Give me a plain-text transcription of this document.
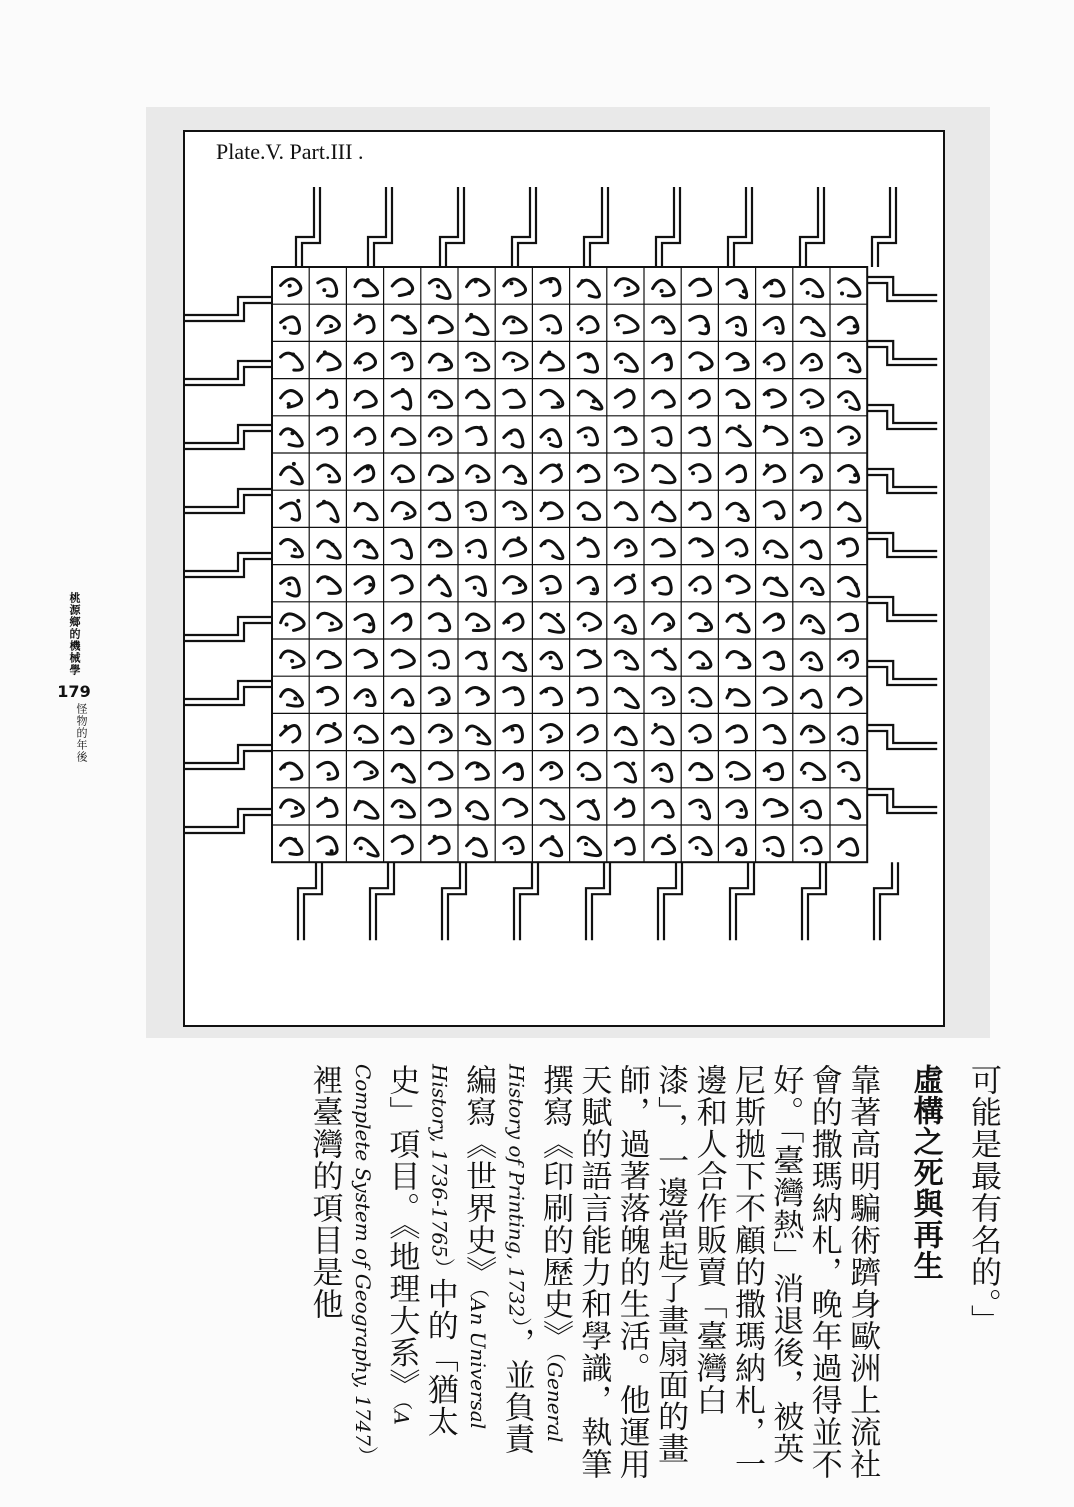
桃源鄉的機械學
179
怪物的年後
Plate.V. Part.III .

可能是最有名的。」

虛構之死與再生

靠著高明騙術躋身歐洲上流社會的撒瑪納札，晚年過得並不好。「臺灣熱」消退後，被英尼斯拋下不顧的撒瑪納札，一邊和人合作販賣「臺灣白漆」，一邊當起了畫扇面的畫師，過著落魄的生活。他運用天賦的語言能力和學識，執筆撰寫《印刷的歷史》（General History of Printing, 1732），並負責編寫《世界史》（An Universal History, 1736-1765）中的「猶太史」項目。《地理大系》（A Complete System of Geography, 1747）裡臺灣的項目是他
